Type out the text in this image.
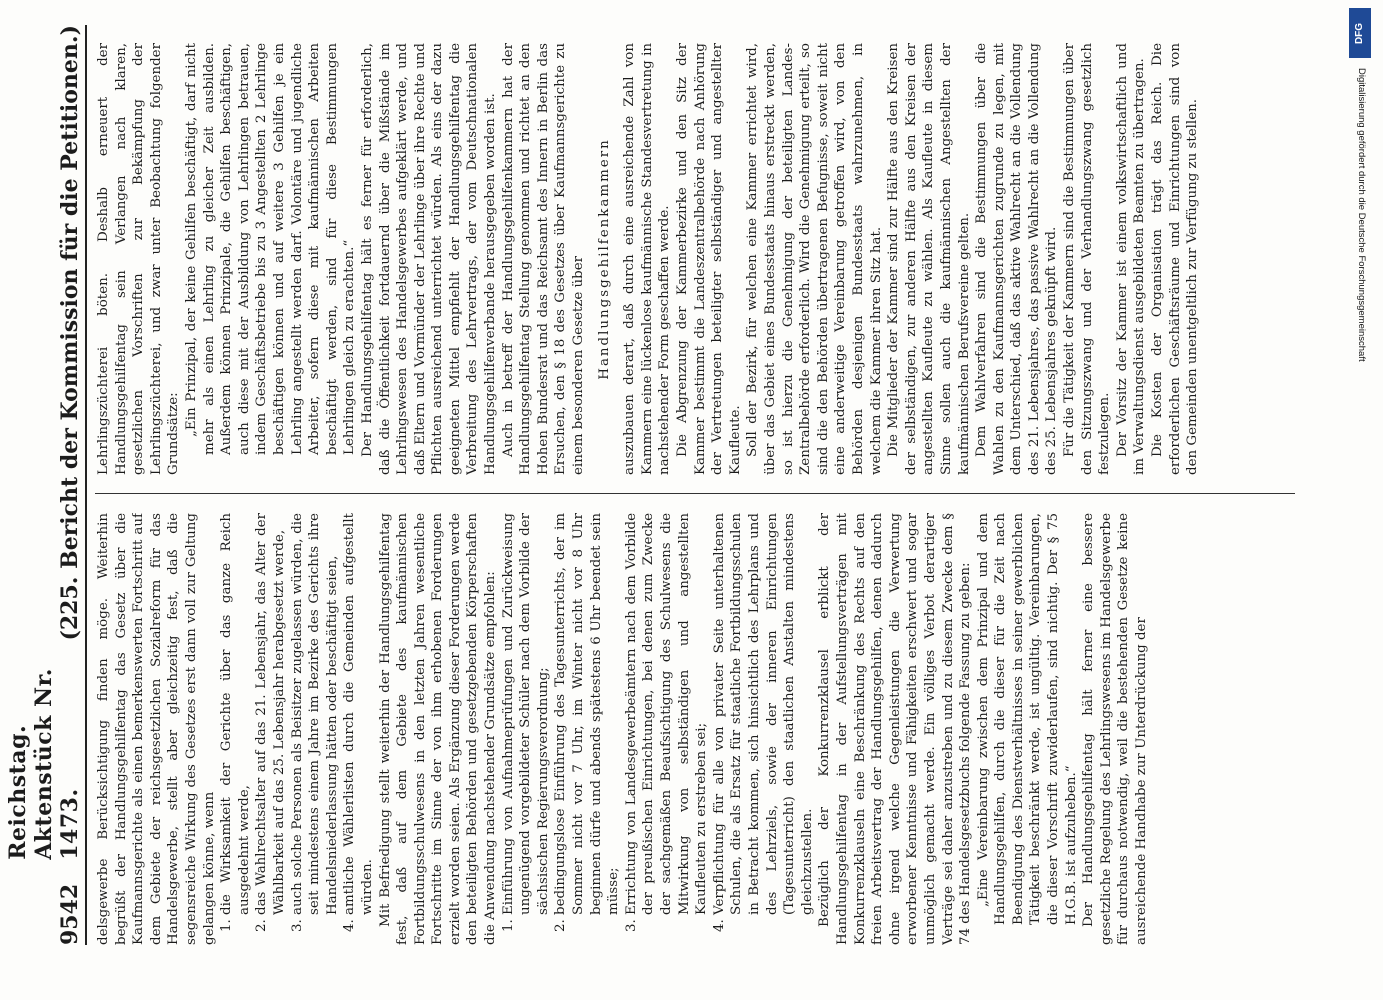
9542
Reichstag. Aktenstück Nr. 1473.
(225. Bericht der Kommission für die Petitionen.)

delsgewerbe Berücksichtigung finden möge. Weiterhin begrüßt der Handlungsgehilfentag das Gesetz über die Kaufmannsgerichte als einen bemerkenswerten Fortschritt auf dem Gebiete der reichsgesetzlichen Sozialreform für das Handelsgewerbe, stellt aber gleichzeitig fest, daß die segensreiche Wirkung des Gesetzes erst dann voll zur Geltung gelangen könne, wenn 1. die Wirksamkeit der Gerichte über das ganze Reich ausgedehnt werde, 2. das Wahlrechtsalter auf das 21. Lebensjahr, das Alter der Wählbarkeit auf das 25. Lebensjahr herabgesetzt werde, 3. auch solche Personen als Beisitzer zugelassen würden, die seit mindestens einem Jahre im Bezirke des Gerichts ihre Handelsniederlassung hätten oder beschäftigt seien, 4. amtliche Wählerlisten durch die Gemeinden aufgestellt würden. Mit Befriedigung stellt weiterhin der Handlungsgehilfentag fest, daß auf dem Gebiete des kaufmännischen Fortbildungsschulwesens in den letzten Jahren wesentliche Fortschritte im Sinne der von ihm erhobenen Forderungen erzielt worden seien. Als Ergänzung dieser Forderungen werde den beteiligten Behörden und gesetzgebenden Körperschaften die Anwendung nachstehender Grundsätze empfohlen: 1. Einführung von Aufnahmeprüfungen und Zurückweisung ungenügend vorgebildeter Schüler nach dem Vorbilde der sächsischen Regierungsverordnung; 2. bedingungslose Einführung des Tagesunterrichts, der im Sommer nicht vor 7 Uhr, im Winter nicht vor 8 Uhr beginnen dürfe und abends spätestens 6 Uhr beendet sein müsse; 3. Errichtung von Landesgewerbeämtern nach dem Vorbilde der preußischen Einrichtungen, bei denen zum Zwecke der sachgemäßen Beaufsichtigung des Schulwesens die Mitwirkung von selbständigen und angestellten Kaufleuten zu erstreben sei; 4. Verpflichtung für alle von privater Seite unterhaltenen Schulen, die als Ersatz für staatliche Fortbildungsschulen in Betracht kommen, sich hinsichtlich des Lehrplans und des Lehrziels, sowie der inneren Einrichtungen (Tagesunterricht) den staatlichen Anstalten mindestens gleichzustellen. Bezüglich der Konkurrenzklausel erblickt der Handlungsgehilfentag in der Aufstellungsverträgen mit Konkurrenzklauseln eine Beschränkung des Rechts auf den freien Arbeitsvertrag der Handlungsgehilfen, denen dadurch ohne irgend welche Gegenleistungen die Verwertung erworbener Kenntnisse und Fähigkeiten erschwert und sogar unmöglich gemacht werde. Ein völliges Verbot derartiger Verträge sei daher anzustreben und zu diesem Zwecke dem § 74 des Handelsgesetzbuchs folgende Fassung zu geben: „Eine Vereinbarung zwischen dem Prinzipal und dem Handlungsgehilfen, durch die dieser für die Zeit nach Beendigung des Dienstverhältnisses in seiner gewerblichen Tätigkeit beschränkt werde, ist ungültig. Vereinbarungen, die dieser Vorschrift zuwiderlaufen, sind nichtig. Der § 75 H.G.B. ist aufzuheben.“ Der Handlungsgehilfentag hält ferner eine bessere gesetzliche Regelung des Lehrlingswesens im Handelsgewerbe für durchaus notwendig, weil die bestehenden Gesetze keine ausreichende Handhabe zur Unterdrückung der

Lehrlingszüchterei böten. Deshalb erneuert der Handlungsgehilfentag sein Verlangen nach klaren, gesetzlichen Vorschriften zur Bekämpfung der Lehrlingszüchterei, und zwar unter Beobachtung folgender Grundsätze: „Ein Prinzipal, der keine Gehilfen beschäftigt, darf nicht mehr als einen Lehrling zu gleicher Zeit ausbilden. Außerdem können Prinzipale, die Gehilfen beschäftigen, auch diese mit der Ausbildung von Lehrlingen betrauen, indem Geschäftsbetriebe bis zu 3 Angestellten 2 Lehrlinge beschäftigen können und auf weitere 3 Gehilfen je ein Lehrling angestellt werden darf. Volontäre und jugendliche Arbeiter, sofern diese mit kaufmännischen Arbeiten beschäftigt werden, sind für diese Bestimmungen Lehrlingen gleich zu erachten.“ Der Handlungsgehilfentag hält es ferner für erforderlich, daß die Öffentlichkeit fortdauernd über die Mißstände im Lehrlingswesen des Handelsgewerbes aufgeklärt werde, und daß Eltern und Vormünder der Lehrlinge über ihre Rechte und Pflichten ausreichend unterrichtet würden. Als eins der dazu geeigneten Mittel empfiehlt der Handlungsgehilfentag die Verbreitung des Lehrvertrags, der vom Deutschnationalen Handlungsgehilfenverbande herausgegeben worden ist. Auch in betreff der Handlungsgehilfenkammern hat der Handlungsgehilfentag Stellung genommen und richtet an den Hohen Bundesrat und das Reichsamt des Innern in Berlin das Ersuchen, den § 18 des Gesetzes über Kaufmannsgerichte zu einem besonderen Gesetze über Handlungsgehilfenkammern auszubauen derart, daß durch eine ausreichende Zahl von Kammern eine lückenlose kaufmännische Standesvertretung in nachstehender Form geschaffen werde. Die Abgrenzung der Kammerbezirke und den Sitz der Kammer bestimmt die Landeszentralbehörde nach Anhörung der Vertretungen beteiligter selbständiger und angestellter Kaufleute. Soll der Bezirk, für welchen eine Kammer errichtet wird, über das Gebiet eines Bundesstaats hinaus erstreckt werden, so ist hierzu die Genehmigung der beteiligten Landes-Zentralbehörde erforderlich. Wird die Genehmigung erteilt, so sind die den Behörden übertragenen Befugnisse, soweit nicht eine anderweitige Vereinbarung getroffen wird, von den Behörden desjenigen Bundesstaats wahrzunehmen, in welchem die Kammer ihren Sitz hat. Die Mitglieder der Kammer sind zur Hälfte aus den Kreisen der selbständigen, zur anderen Hälfte aus den Kreisen der angestellten Kaufleute zu wählen. Als Kaufleute in diesem Sinne sollen auch die kaufmännischen Angestellten der kaufmännischen Berufsvereine gelten. Dem Wahlverfahren sind die Bestimmungen über die Wahlen zu den Kaufmannsgerichten zugrunde zu legen, mit dem Unterschied, daß das aktive Wahlrecht an die Vollendung des 21. Lebensjahres, das passive Wahlrecht an die Vollendung des 25. Lebensjahres geknüpft wird. Für die Tätigkeit der Kammern sind die Bestimmungen über den Sitzungszwang und der Verhandlungszwang gesetzlich festzulegen. Der Vorsitz der Kammer ist einem volkswirtschaftlich und im Verwaltungsdienst ausgebildeten Beamten zu übertragen. Die Kosten der Organisation trägt das Reich. Die erforderlichen Geschäftsräume und Einrichtungen sind von den Gemeinden unentgeltlich zur Verfügung zu stellen.

DFG
Digitalisierung gefördert durch die Deutsche Forschungsgemeinschaft
